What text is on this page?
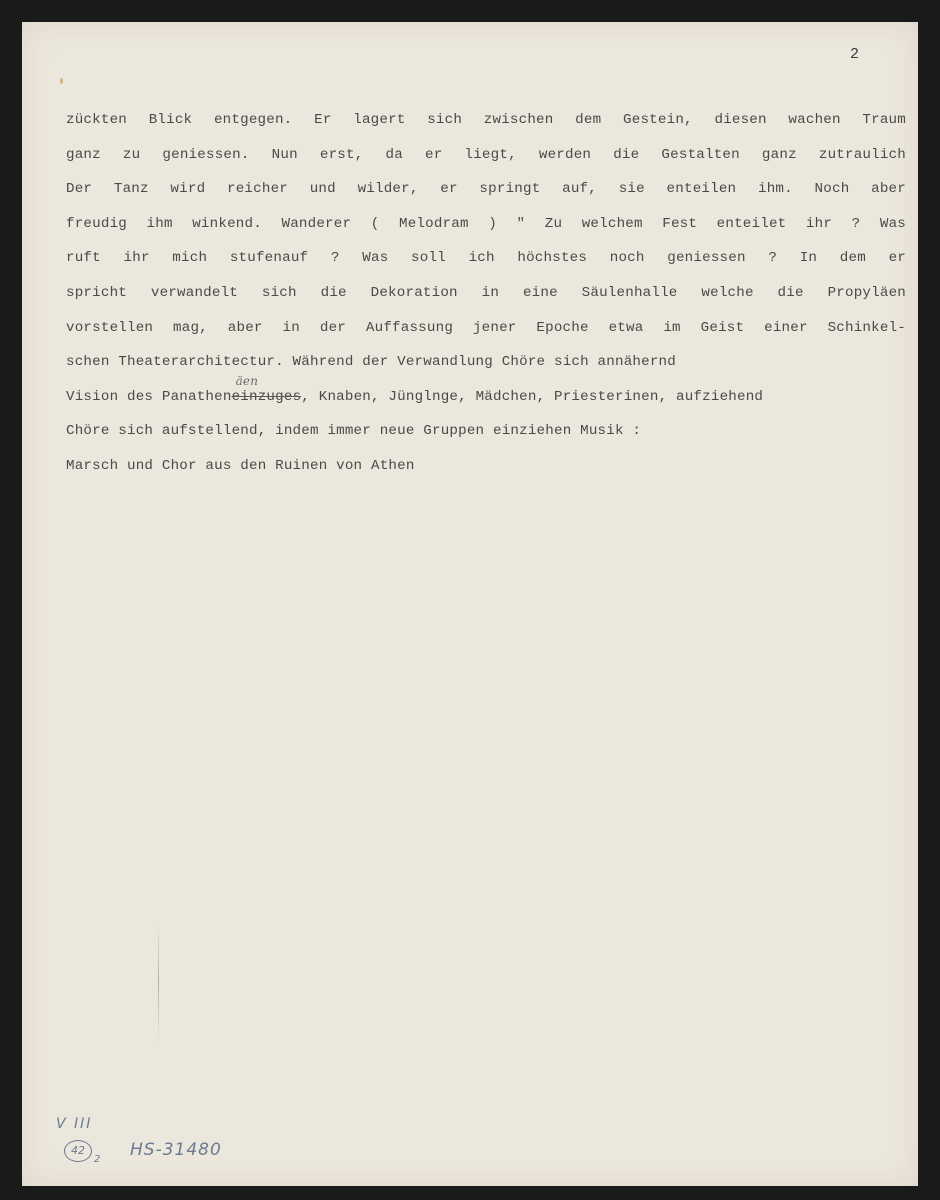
2
zückten Blick entgegen. Er lagert sich zwischen dem Gestein, diesen wachen Traum
ganz zu geniessen. Nun erst, da er liegt, werden die Gestalten ganz zutraulich
Der Tanz wird reicher und wilder, er springt auf, sie enteilen ihm. Noch aber
freudig ihm winkend. Wanderer ( Melodram ) " Zu welchem Fest enteilet ihr ? Was
ruft ihr mich stufenauf ? Was soll ich höchstes noch geniessen ? In dem er
spricht verwandelt sich die Dekoration in eine Säulenhalle welche die Propyläen
vorstellen mag, aber in der Auffassung jener Epoche etwa im Geist einer Schinkel-
schen Theaterarchitectur. Während der Verwandlung Chöre sich annähernd
Vision des Panathen
äen
einzuges, Knaben, Jünglnge, Mädchen, Priesterinen, aufziehend
Chöre sich aufstellend, indem immer neue Gruppen einziehen Musik :
Marsch und Chor aus den Ruinen von Athen
V III
42
2 HS-31480
